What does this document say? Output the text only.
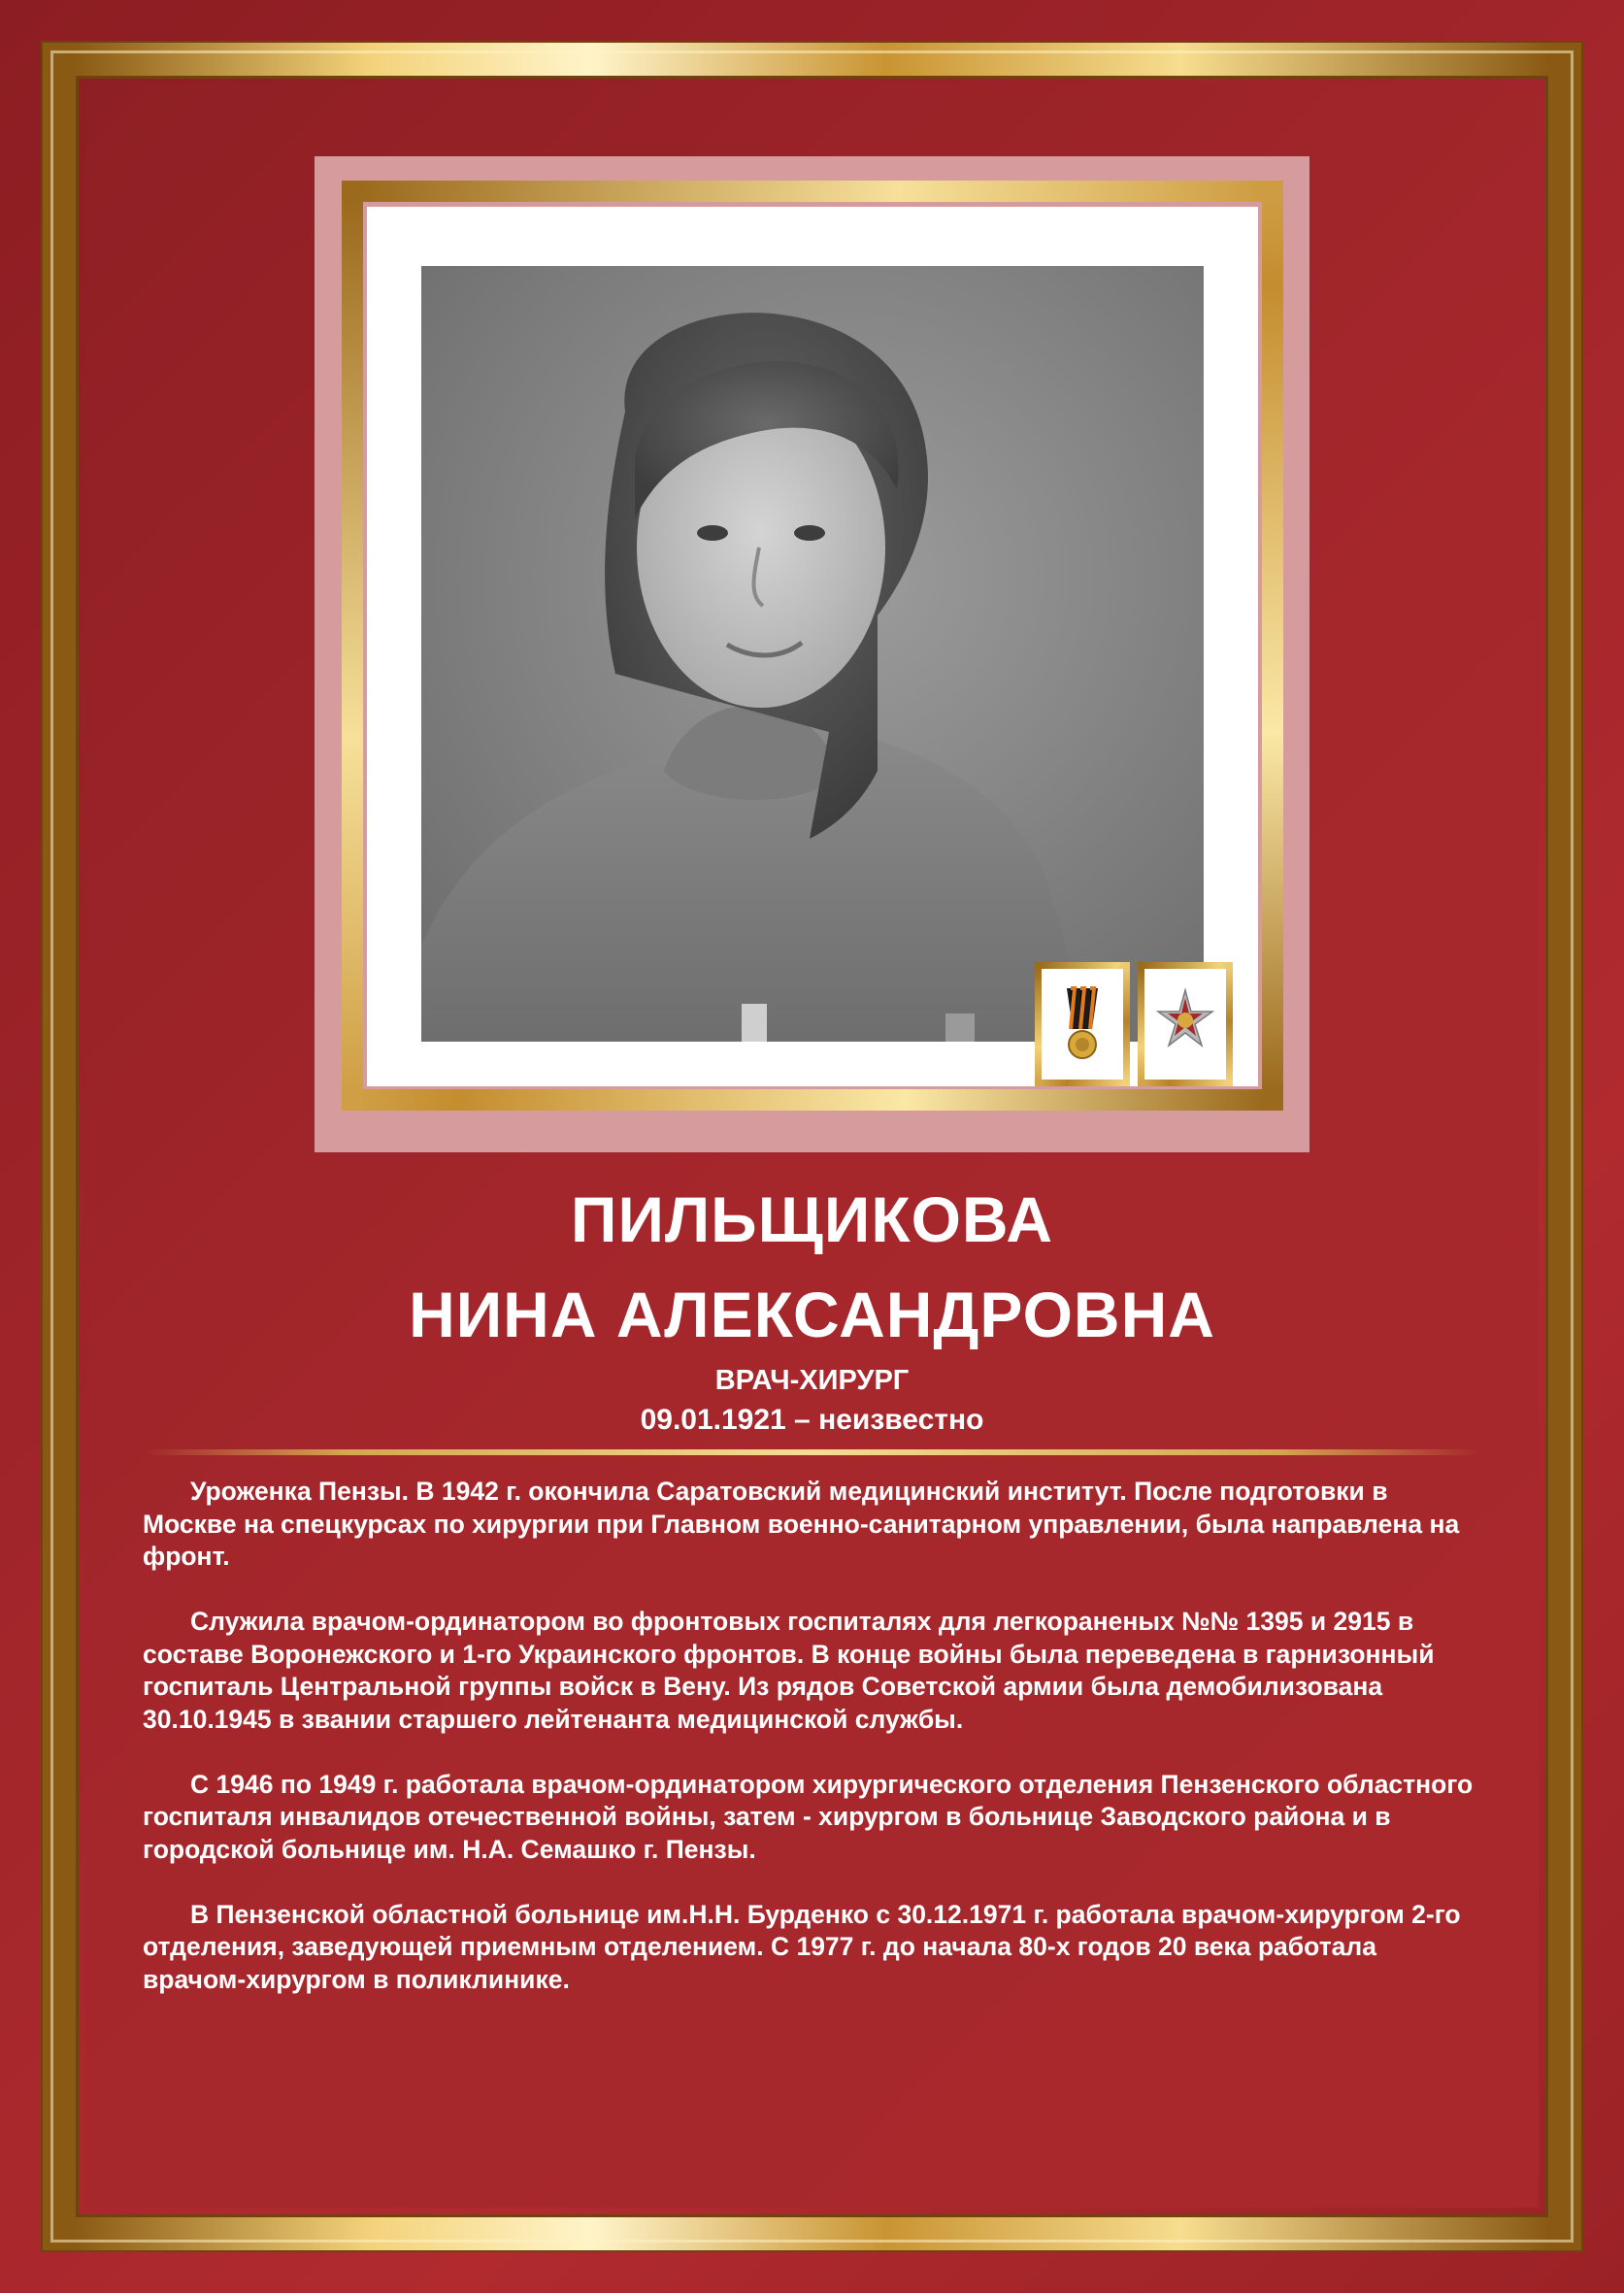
ПИЛЬЩИКОВА
НИНА АЛЕКСАНДРОВНА
ВРАЧ-ХИРУРГ
09.01.1921 – неизвестно

Уроженка Пензы. В 1942 г. окончила Саратовский медицинский институт. После подготовки в Москве на спецкурсах по хирургии при Главном военно-санитарном управлении, была направлена на фронт.

Служила врачом-ординатором во фронтовых госпиталях для легкораненых №№ 1395 и 2915 в составе Воронежского и 1-го Украинского фронтов. В конце войны была переведена в гарнизонный госпиталь Центральной группы войск в Вену. Из рядов Советской армии была демобилизована 30.10.1945 в звании старшего лейтенанта медицинской службы.

С 1946 по 1949 г. работала врачом-ординатором хирургического отделения Пензенского областного госпиталя инвалидов отечественной войны, затем - хирургом в больнице Заводского района и в городской больнице им. Н.А. Семашко г. Пензы.

В Пензенской областной больнице им.Н.Н. Бурденко с 30.12.1971 г. работала врачом-хирургом 2-го отделения, заведующей приемным отделением. С 1977 г. до начала 80-х годов 20 века работала врачом-хирургом в поликлинике.
